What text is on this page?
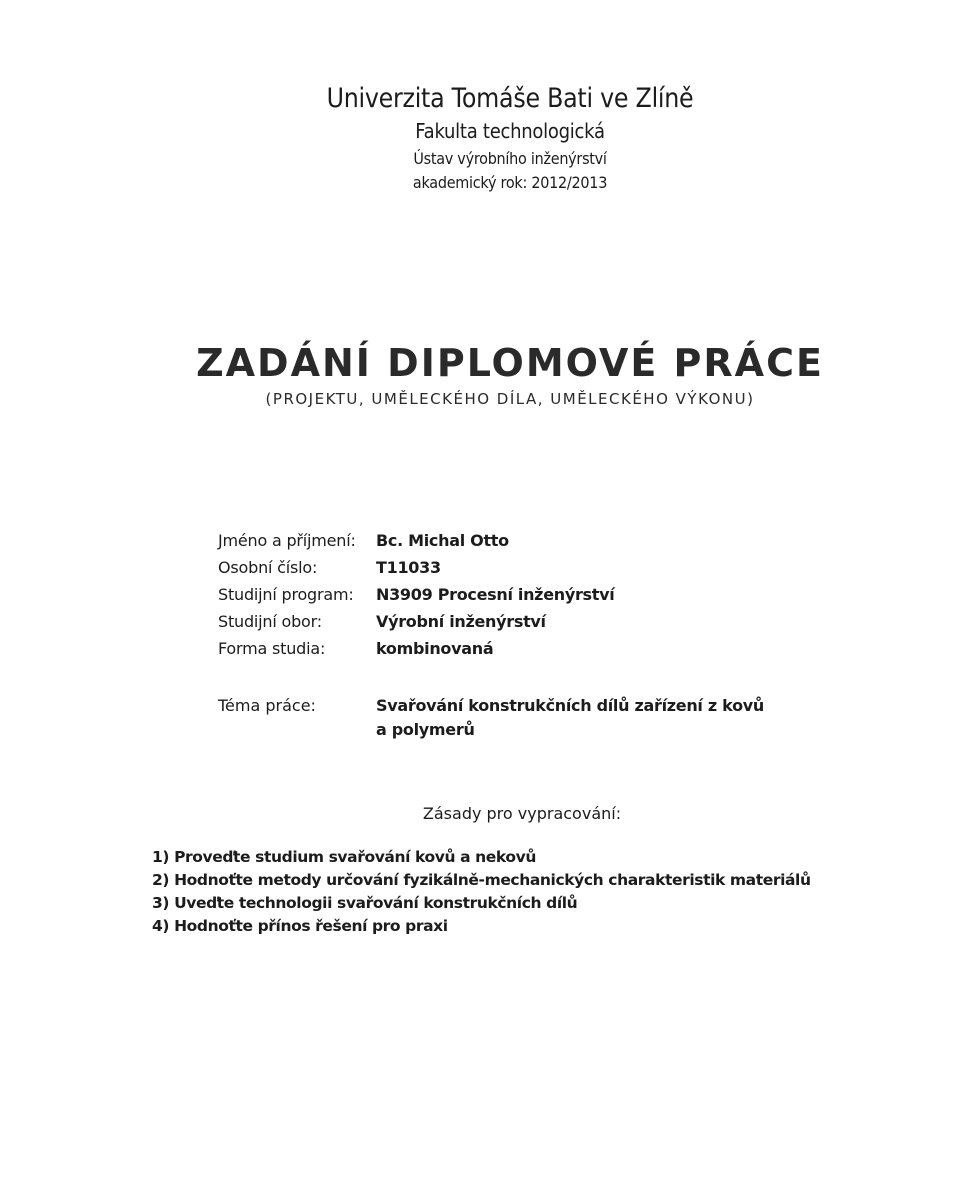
Univerzita Tomáše Bati ve Zlíně
Fakulta technologická
Ústav výrobního inženýrství
akademický rok: 2012/2013
ZADÁNÍ DIPLOMOVÉ PRÁCE
(PROJEKTU, UMĚLECKÉHO DÍLA, UMĚLECKÉHO VÝKONU)
Jméno a příjmení:	Bc. Michal Otto
Osobní číslo:	T11033
Studijní program:	N3909 Procesní inženýrství
Studijní obor:	Výrobní inženýrství
Forma studia:	kombinovaná
Téma práce:	Svařování konstrukčních dílů zařízení z kovů a polymerů
Zásady pro vypracování:
1) Proveďte studium svařování kovů a nekovů
2) Hodnoťte metody určování fyzikálně-mechanických charakteristik materiálů
3) Uveďte technologii svařování konstrukčních dílů
4) Hodnoťte přínos řešení pro praxi
